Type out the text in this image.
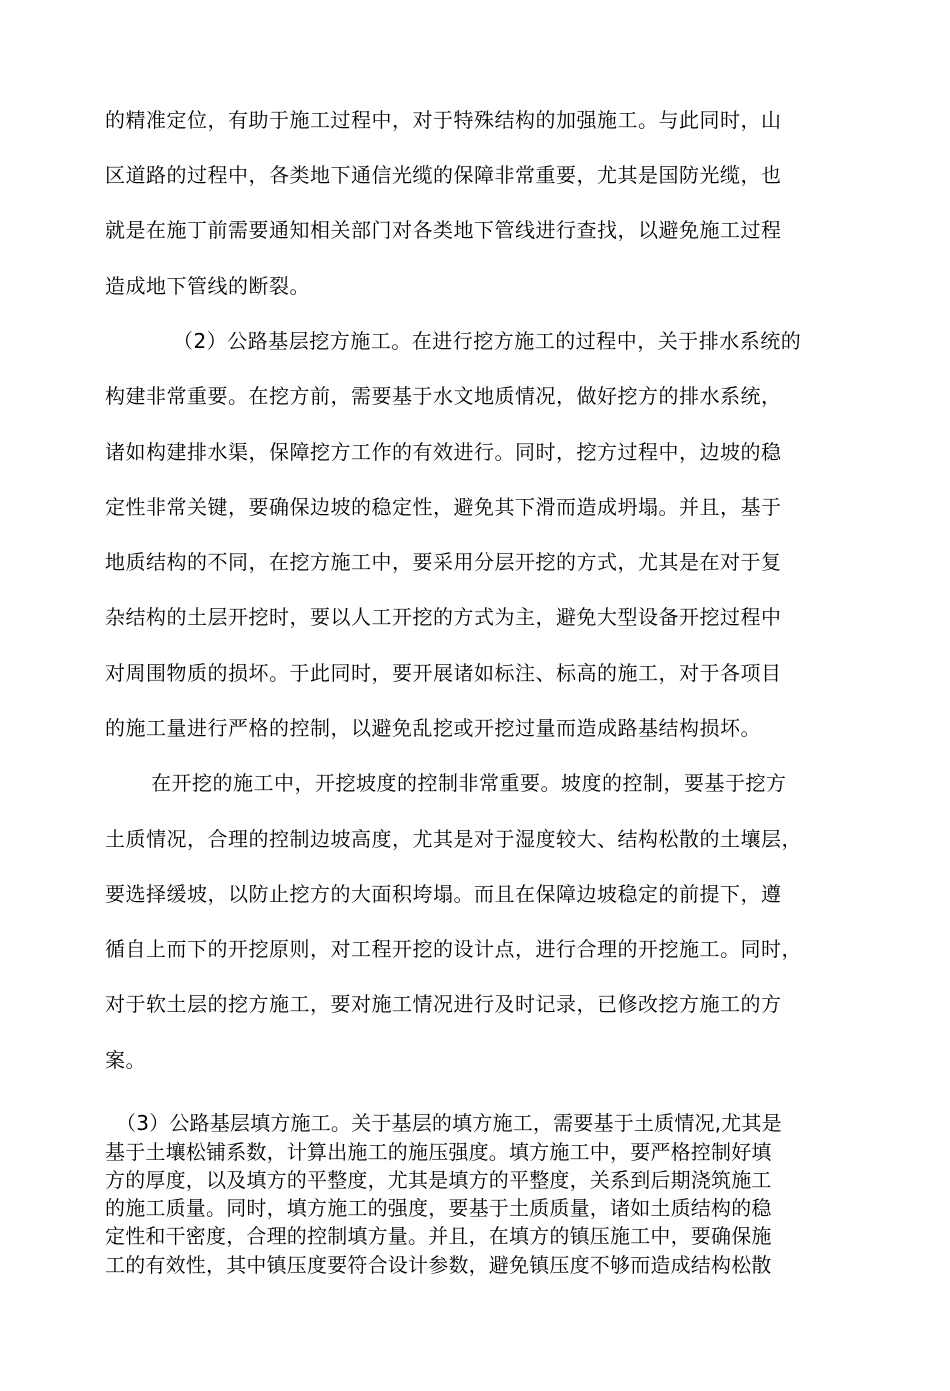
的精准定位，有助于施工过程中，对于特殊结构的加强施工。与此同时，山
区道路的过程中，各类地下通信光缆的保障非常重要，尤其是国防光缆，也
就是在施丁前需要通知相关部门对各类地下管线进行查找，以避免施工过程
造成地下管线的断裂。
（2）公路基层挖方施工。在进行挖方施工的过程中，关于排水系统的
构建非常重要。在挖方前，需要基于水文地质情况，做好挖方的排水系统，
诸如构建排水渠，保障挖方工作的有效进行。同时，挖方过程中，边坡的稳
定性非常关键，要确保边坡的稳定性，避免其下滑而造成坍塌。并且，基于
地质结构的不同，在挖方施工中，要采用分层开挖的方式，尤其是在对于复
杂结构的土层开挖时，要以人工开挖的方式为主，避免大型设备开挖过程中
对周围物质的损坏。于此同时，要开展诸如标注、标高的施工，对于各项目
的施工量进行严格的控制，以避免乱挖或开挖过量而造成路基结构损坏。
在开挖的施工中，开挖坡度的控制非常重要。坡度的控制，要基于挖方
土质情况，合理的控制边坡高度，尤其是对于湿度较大、结构松散的土壤层，
要选择缓坡，以防止挖方的大面积垮塌。而且在保障边坡稳定的前提下，遵
循自上而下的开挖原则，对工程开挖的设计点，进行合理的开挖施工。同时，
对于软土层的挖方施工，要对施工情况进行及时记录，已修改挖方施工的方
案。
（3）公路基层填方施工。关于基层的填方施工，需要基于土质情况,尤其是
基于土壤松铺系数，计算出施工的施压强度。填方施工中，要严格控制好填
方的厚度，以及填方的平整度，尤其是填方的平整度，关系到后期浇筑施工
的施工质量。同时，填方施工的强度，要基于土质质量，诸如土质结构的稳
定性和干密度，合理的控制填方量。并且，在填方的镇压施工中，要确保施
工的有效性，其中镇压度要符合设计参数，避免镇压度不够而造成结构松散
